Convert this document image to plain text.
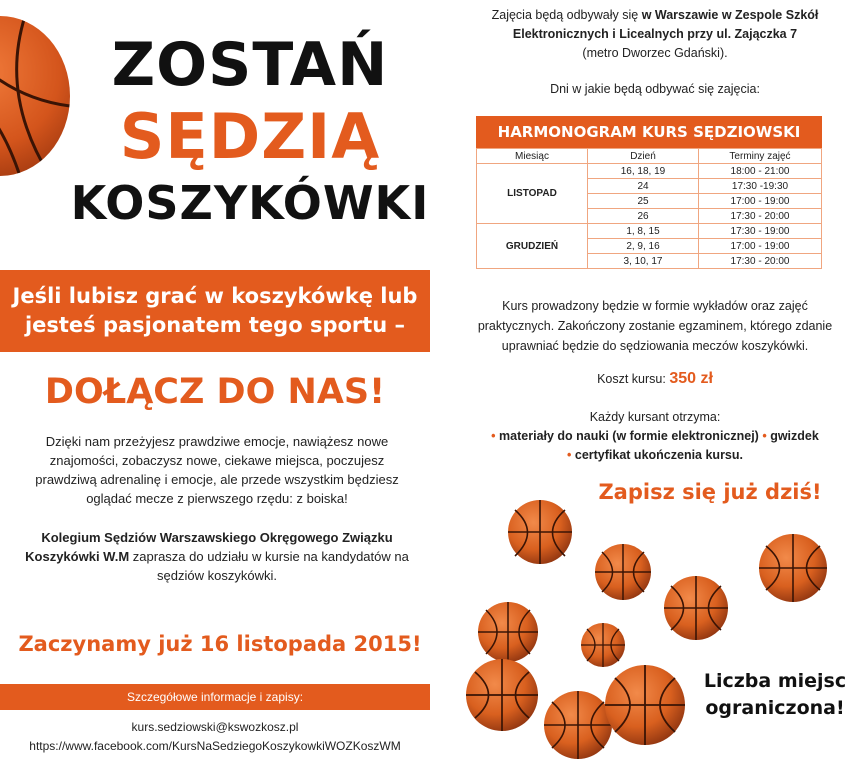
ZOSTAŃ
SĘDZIĄ
KOSZYKÓWKI
Jeśli lubisz grać w koszykówkę lub
jesteś pasjonatem tego sportu –
DOŁĄCZ DO NAS!
Dzięki nam przeżyjesz prawdziwe emocje, nawiążesz nowe znajomości, zobaczysz nowe, ciekawe miejsca, poczujesz prawdziwą adrenalinę i emocje, ale przede wszystkim będziesz oglądać mecze z pierwszego rzędu: z boiska!
Kolegium Sędziów Warszawskiego Okręgowego Związku Koszykówki W.M zaprasza do udziału w kursie na kandydatów na sędziów koszykówki.
Zaczynamy już 16 listopada 2015!
Szczegółowe informacje i zapisy:
kurs.sedziowski@kswozkosz.pl
https://www.facebook.com/KursNaSedziegoKoszykowkiWOZKoszWM
Zajęcia będą odbywały się w Warszawie w Zespole Szkół Elektronicznych i Licealnych przy ul. Zajączka 7
(metro Dworzec Gdański).
Dni w jakie będą odbywać się zajęcia:
HARMONOGRAM KURS SĘDZIOWSKI
Miesiąc	Dzień	Terminy zajęć
LISTOPAD	16, 18, 19	18:00 - 21:00
	24	17:30 -19:30
	25	17:00 - 19:00
	26	17:30 - 20:00
GRUDZIEŃ	1, 8, 15	17:30 - 19:00
	2, 9, 16	17:00 - 19:00
	3, 10, 17	17:30 - 20:00
Kurs prowadzony będzie w formie wykładów oraz zajęć praktycznych. Zakończony zostanie egzaminem, którego zdanie uprawniać będzie do sędziowania meczów koszykówki.
Koszt kursu: 350 zł
Każdy kursant otrzyma:
• materiały do nauki (w formie elektronicznej) • gwizdek
• certyfikat ukończenia kursu.
Zapisz się już dziś!
Liczba miejsc
ograniczona!
